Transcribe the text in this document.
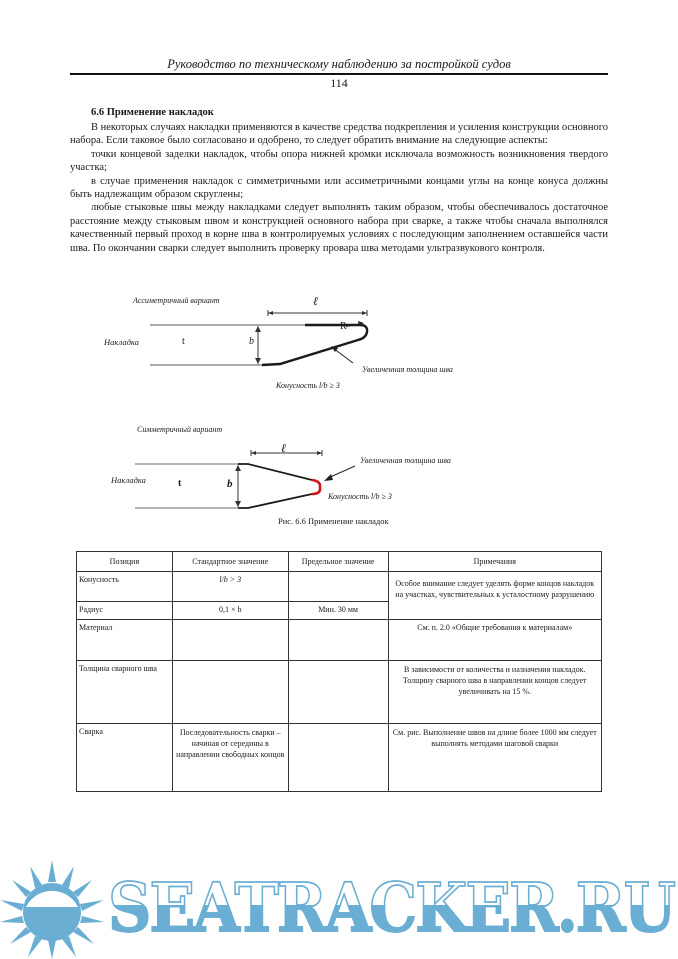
Руководство по техническому наблюдению за постройкой судов
114
6.6 Применение накладок

В некоторых случаях накладки применяются в качестве средства подкрепления и усиления конструкции основного набора. Если таковое было согласовано и одобрено, то следует обратить внимание на следующие аспекты:

точки концевой заделки накладок, чтобы опора нижней кромки исключала возможность возникновения твердого участка;

в случае применения накладок с симметричными или ассиметричными концами углы на конце конуса должны быть надлежащим образом скруглены;

любые стыковые швы между накладками следует выполнять таким образом, чтобы обеспечивалось достаточное расстояние между стыковым швом и конструкцией основного набора при сварке, а также чтобы сначала выполнялся качественный первый проход в корне шва в контролируемых условиях с последующим заполнением оставшейся части шва. По окончании сварки следует выполнить проверку провара шва методами ультразвукового контроля.

Ассиметричный вариант
Накладка	t	b
ℓ
R
Увеличенная толщина шва
Конусность l/b ≥ 3
Симметричный вариант
Накладка	t	b
ℓ
Увеличенная толщина шва
Конусность l/b ≥ 3
Рис. 6.6 Применение накладок
Позиция	Стандартное значение	Предельное значение	Примечания
Конусность	l/b > 3		Особое внимание следует уделять форме концов накладок на участках, чувствительных к усталостному разрушению
Радиус	0,1 × b	Мин. 30 мм	
Материал			См. п. 2.0 «Общие требования к материалам»
Толщина сварного шва			В зависимости от количества и назначения накладок. Толщину сварного шва в направлении концов следует увеличивать на 15 %.
Сварка	Последовательность сварки – начиная от середины в направлении свободных концов		См. рис. Выполнение швов на длине более 1000 мм следует выполнять методами шаговой сварки
SEATRACKER.RU
